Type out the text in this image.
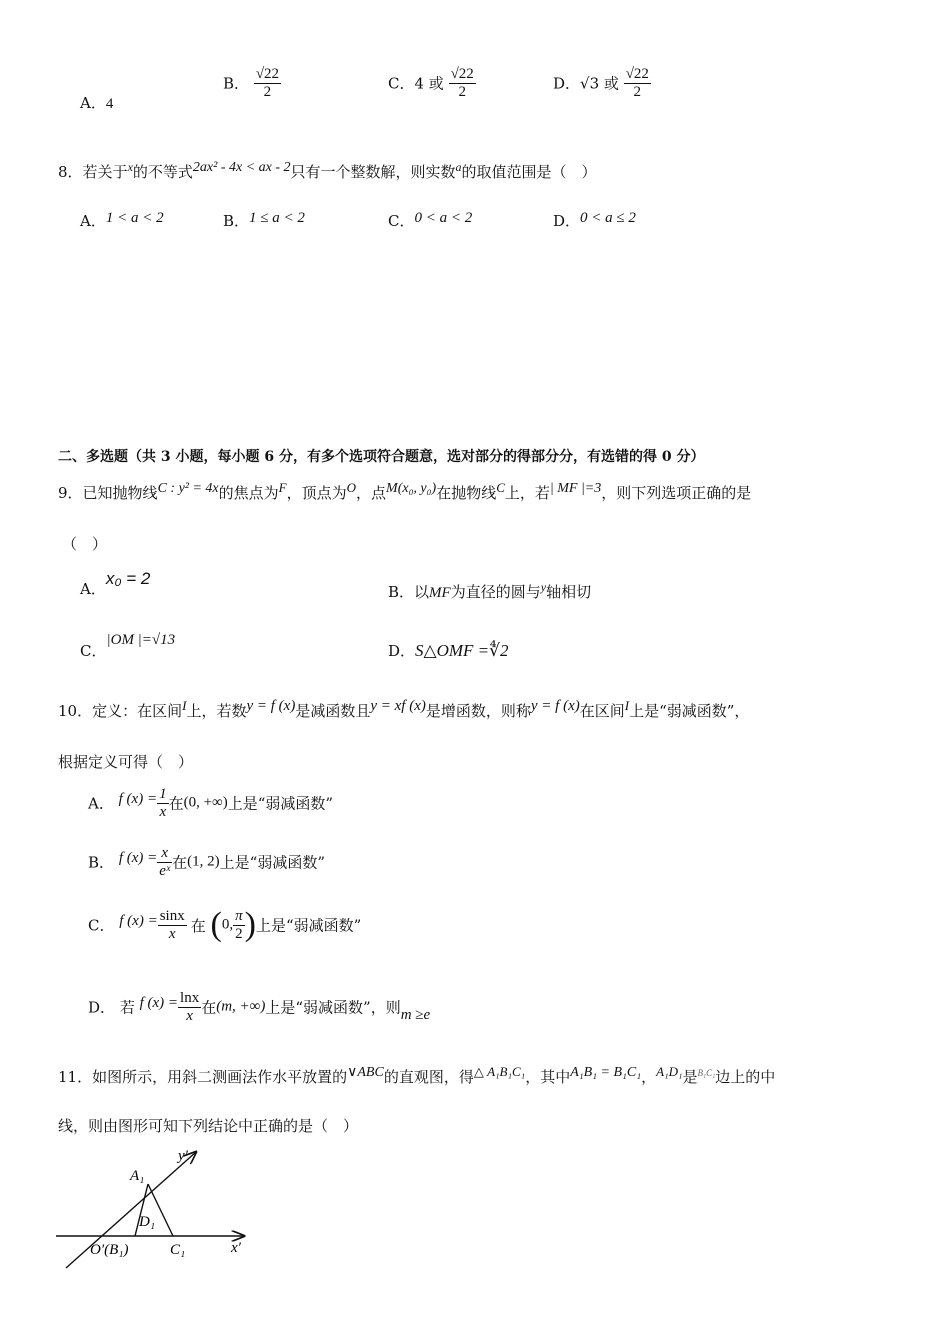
A．4
B． $\frac{√22}{2}$	C．4 或 $\frac{√22}{2}$	D．√3 或 $\frac{√22}{2}$
8．若关于$^x$的不等式$^{2ax^2 - 4x < ax - 2}$只有一个整数解，则实数$^a$的取值范围是（　）
A．1 < a < 2	B．1 ≤ a < 2	C．0 < a < 2	D．0 < a ≤ 2
二、多选题（共 3 小题，每小题 6 分，有多个选项符合题意，选对部分的得部分分，有选错的得 0 分）
9．已知抛物线$^{C : y^2 = 4x}$的焦点为$^F$，顶点为$^O$，点$^{M(x_0, y_0)}$在抛物线$^C$上，若$^{| MF |=3}$，则下列选项正确的是
（　）
A．x₀ = 2
B．以MF为直径的圆与$^y$轴相切
C．|OM |=√13
D．S△OMF =∜2
10．定义：在区间$^I$上，若数$^{y = f (x)}$是减函数且$^{y = xf (x)}$是增函数，则称$^{y = f (x)}$在区间$^I$上是“弱减函数”，
根据定义可得（　）
A． f $(x) = \frac{1}{x}$ 在(0, +∞)上是“弱减函数”
B． f $(x) = \frac{x}{\text{eˣ}}$ 在(1, 2)上是“弱减函数”
C． f $(x) = \frac{\sin x}{x}$ 在 (0, $\frac{\pi}{2}$ )上是“弱减函数”
D． 若 f $(x) = \frac{\ln x}{x}$ 在(m, +∞)上是“弱减函数”，则m ≥e
11．如图所示，用斜二测画法作水平放置的$^{\vee ABC}$的直观图，得$^{\triangle A_1B_1C_1}$，其中$^{A_1B_1 = B_1C_1}$，$^{A_1D_1}$是$^{B_1C_1}$边上的中
线，则由图形可知下列结论中正确的是（　）
y′
x′
A₁
D₁
O′(B₁)	C₁
